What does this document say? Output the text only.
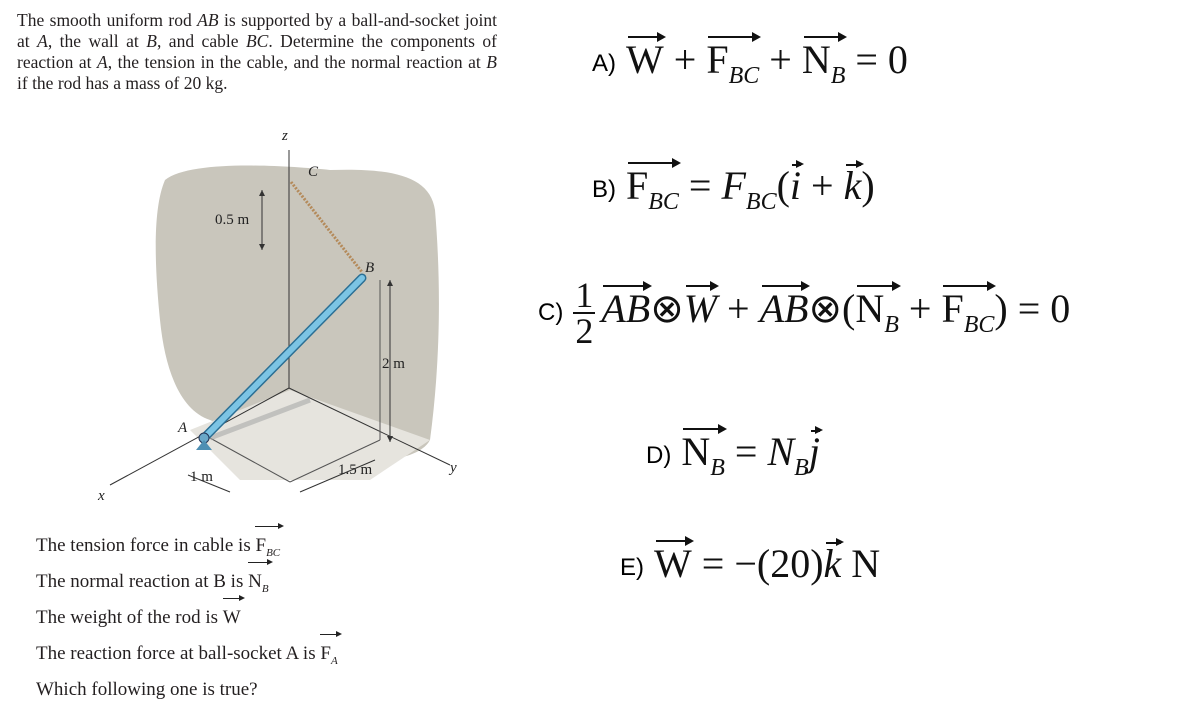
The smooth uniform rod AB is supported by a ball-and-socket joint at A, the wall at B, and cable BC. Determine the components of reaction at A, the tension in the cable, and the normal reaction at B if the rod has a mass of 20 kg.
z
C
B
A
x
y
0.5 m
2 m
1 m	1.5 m
The tension force in cable is $F_{BC}$
The normal reaction at B is $N_B$
The weight of the rod is W
The reaction force at ball-socket A is $F_A$
Which following one is true?
A) $W + F_{BC} + N_B = 0$
B) $F_{BC} = F_{BC}(i + k)$
$C) \frac{1}{2}$ AB⊗W + $AB\otimes(N_B + F_{BC}) = 0$
D) $N_B = N_Bj$
E) W = −(20)k N
